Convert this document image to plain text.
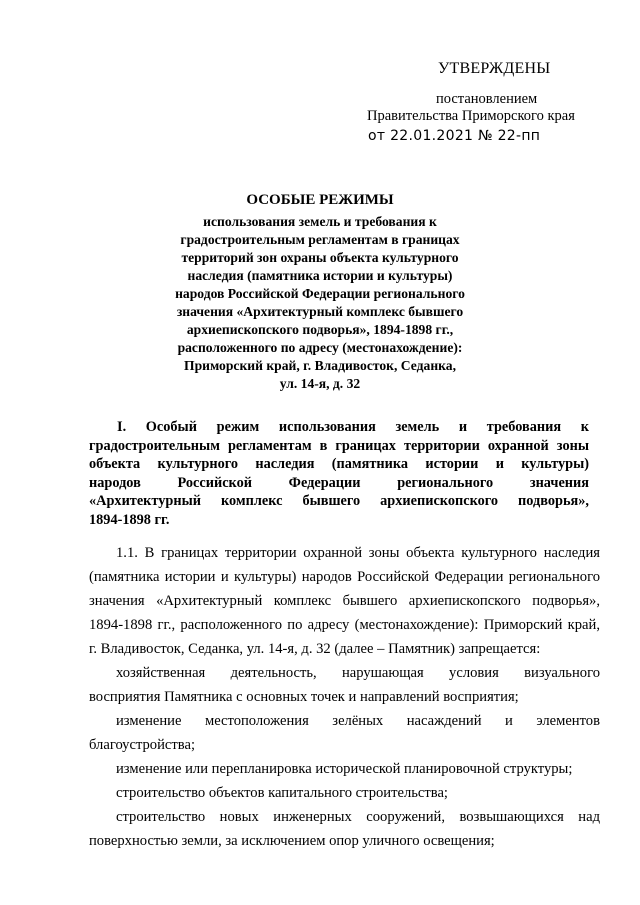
УТВЕРЖДЕНЫ
постановлением
Правительства Приморского края
от 22.01.2021 № 22-пп
ОСОБЫЕ РЕЖИМЫ
использования земель и требования к
градостроительным регламентам в границах
территорий зон охраны объекта культурного
наследия (памятника истории и культуры)
народов Российской Федерации регионального
значения «Архитектурный комплекс бывшего
архиепископского подворья», 1894-1898 гг.,
расположенного по адресу (местонахождение):
Приморский край, г. Владивосток, Седанка,
ул. 14-я, д. 32
I. Особый режим использования земель и требования к
градостроительным регламентам в границах территории охранной зоны
объекта культурного наследия (памятника истории и культуры)
народов Российской Федерации регионального значения
«Архитектурный комплекс бывшего архиепископского подворья»,
1894-1898 гг.
1.1. В границах территории охранной зоны объекта культурного наследия
(памятника истории и культуры) народов Российской Федерации регионального
значения «Архитектурный комплекс бывшего архиепископского подворья»,
1894-1898 гг., расположенного по адресу (местонахождение): Приморский край,
г. Владивосток, Седанка, ул. 14-я, д. 32 (далее – Памятник) запрещается:
хозяйственная деятельность, нарушающая условия визуального
восприятия Памятника с основных точек и направлений восприятия;
изменение местоположения зелёных насаждений и элементов
благоустройства;
изменение или перепланировка исторической планировочной структуры;
строительство объектов капитального строительства;
строительство новых инженерных сооружений, возвышающихся над
поверхностью земли, за исключением опор уличного освещения;
